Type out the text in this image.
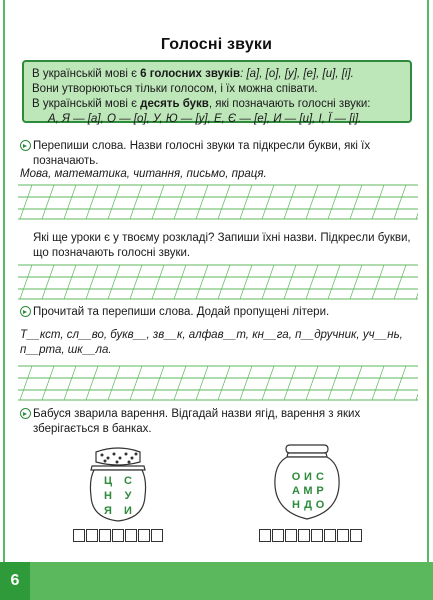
Голосні звуки
В українській мові є 6 голосних звуків: [а], [о], [у], [е], [и], [і].
Вони утворюються тільки голосом, і їх можна співати.
В українській мові є десять букв, які позначають голосні звуки:
А, Я — [а], О — [о], У, Ю — [у], Е, Є — [е], И — [и], І, Ї — [і].
Перепиши слова. Назви голосні звуки та підкресли букви, які їх позначають.
Мова, математика, читання, письмо, праця.
Які ще уроки є у твоєму розкладі? Запиши їхні назви. Підкресли букви, що позначають голосні звуки.
Прочитай та перепиши слова. Додай пропущені літери.
Т__кст, сл__во, букв__, зв__к, алфав__т, кн__га, п__дручник, уч__нь,
п__рта, шк__ла.
Бабуся зварила варення. Відгадай назви ягід, варення з яких зберігається в банках.
Ц С
Н У
Я И
О И С
А М Р
Н Д О
6
